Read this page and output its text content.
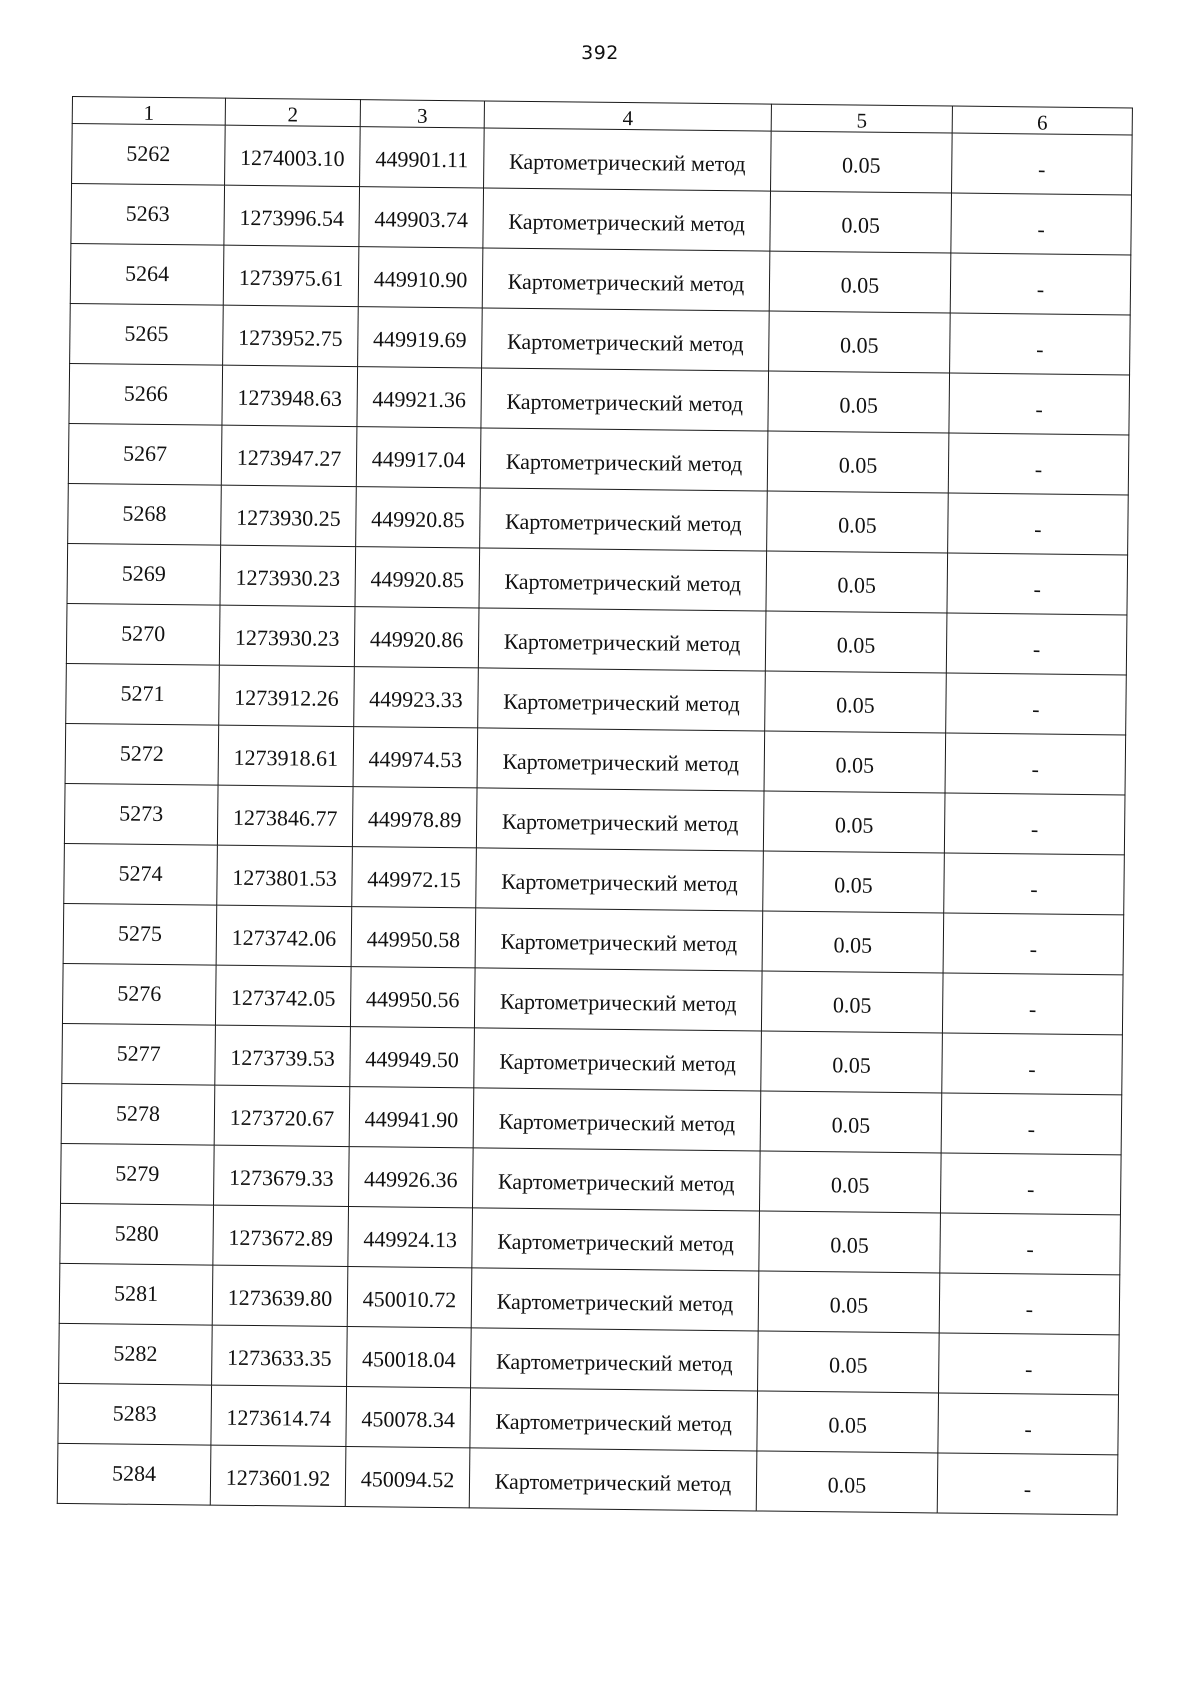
392
1	2	3	4	5	6
5262	1274003.10	449901.11	Картометрический метод	0.05	-
5263	1273996.54	449903.74	Картометрический метод	0.05	-
5264	1273975.61	449910.90	Картометрический метод	0.05	-
5265	1273952.75	449919.69	Картометрический метод	0.05	-
5266	1273948.63	449921.36	Картометрический метод	0.05	-
5267	1273947.27	449917.04	Картометрический метод	0.05	-
5268	1273930.25	449920.85	Картометрический метод	0.05	-
5269	1273930.23	449920.85	Картометрический метод	0.05	-
5270	1273930.23	449920.86	Картометрический метод	0.05	-
5271	1273912.26	449923.33	Картометрический метод	0.05	-
5272	1273918.61	449974.53	Картометрический метод	0.05	-
5273	1273846.77	449978.89	Картометрический метод	0.05	-
5274	1273801.53	449972.15	Картометрический метод	0.05	-
5275	1273742.06	449950.58	Картометрический метод	0.05	-
5276	1273742.05	449950.56	Картометрический метод	0.05	-
5277	1273739.53	449949.50	Картометрический метод	0.05	-
5278	1273720.67	449941.90	Картометрический метод	0.05	-
5279	1273679.33	449926.36	Картометрический метод	0.05	-
5280	1273672.89	449924.13	Картометрический метод	0.05	-
5281	1273639.80	450010.72	Картометрический метод	0.05	-
5282	1273633.35	450018.04	Картометрический метод	0.05	-
5283	1273614.74	450078.34	Картометрический метод	0.05	-
5284	1273601.92	450094.52	Картометрический метод	0.05	-
